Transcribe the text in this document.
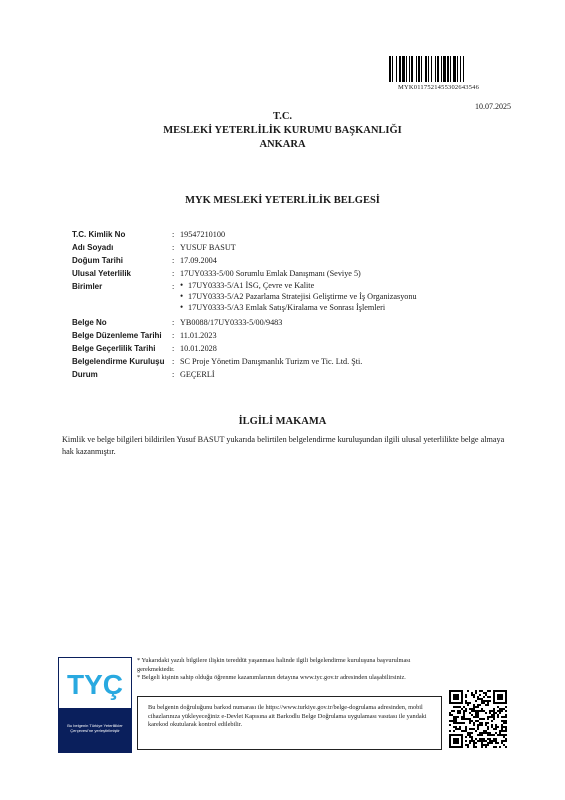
MYK0117521455302643546
10.07.2025
T.C.
MESLEKİ YETERLİLİK KURUMU BAŞKANLIĞI
ANKARA
MYK MESLEKİ YETERLİLİK BELGESİ
T.C. Kimlik No	: 19547210100
Adı Soyadı	: YUSUF BASUT
Doğum Tarihi	: 17.09.2004
Ulusal Yeterlilik	: 17UY0333-5/00 Sorumlu Emlak Danışmanı (Seviye 5)
Birimler	:
•	17UY0333-5/A1 İSG, Çevre ve Kalite
• 17UY0333-5/A2 Pazarlama Stratejisi Geliştirme ve İş Organizasyonu
• 17UY0333-5/A3 Emlak Satış/Kiralama ve Sonrası İşlemleri
Belge No	: YB0088/17UY0333-5/00/9483
Belge Düzenleme Tarihi	: 11.01.2023
Belge Geçerlilik Tarihi	: 10.01.2028
Belgelendirme Kuruluşu : SC Proje Yönetim Danışmanlık Turizm ve Tic. Ltd. Şti.
Durum	: GEÇERLİ
İLGİLİ MAKAMA
Kimlik ve belge bilgileri bildirilen Yusuf BASUT yukarıda belirtilen belgelendirme kuruluşundan ilgili ulusal yeterlilikte belge almaya hak kazanmıştır.
TYÇ
Bu belgenin Türkiye Yeterlilikler Çerçevesi'ne yerleştirilmiştir
* Yukarıdaki yazılı bilgilere ilişkin tereddüt yaşanması halinde ilgili belgelendirme kuruluşuna başvurulması gerekmektedir.
* Belgeli kişinin sahip olduğu öğrenme kazanımlarının detayına www.tyc.gov.tr adresinden ulaşabilirsiniz.
Bu belgenin doğruluğunu barkod numarası ile https://www.turkiye.gov.tr/belge-dogrulama adresinden, mobil cihazlarınıza yükleyeceğiniz e-Devlet Kapısına ait Barkodlu Belge Doğrulama uygulaması vasıtası ile yandaki karekod okutularak kontrol edilebilir.
